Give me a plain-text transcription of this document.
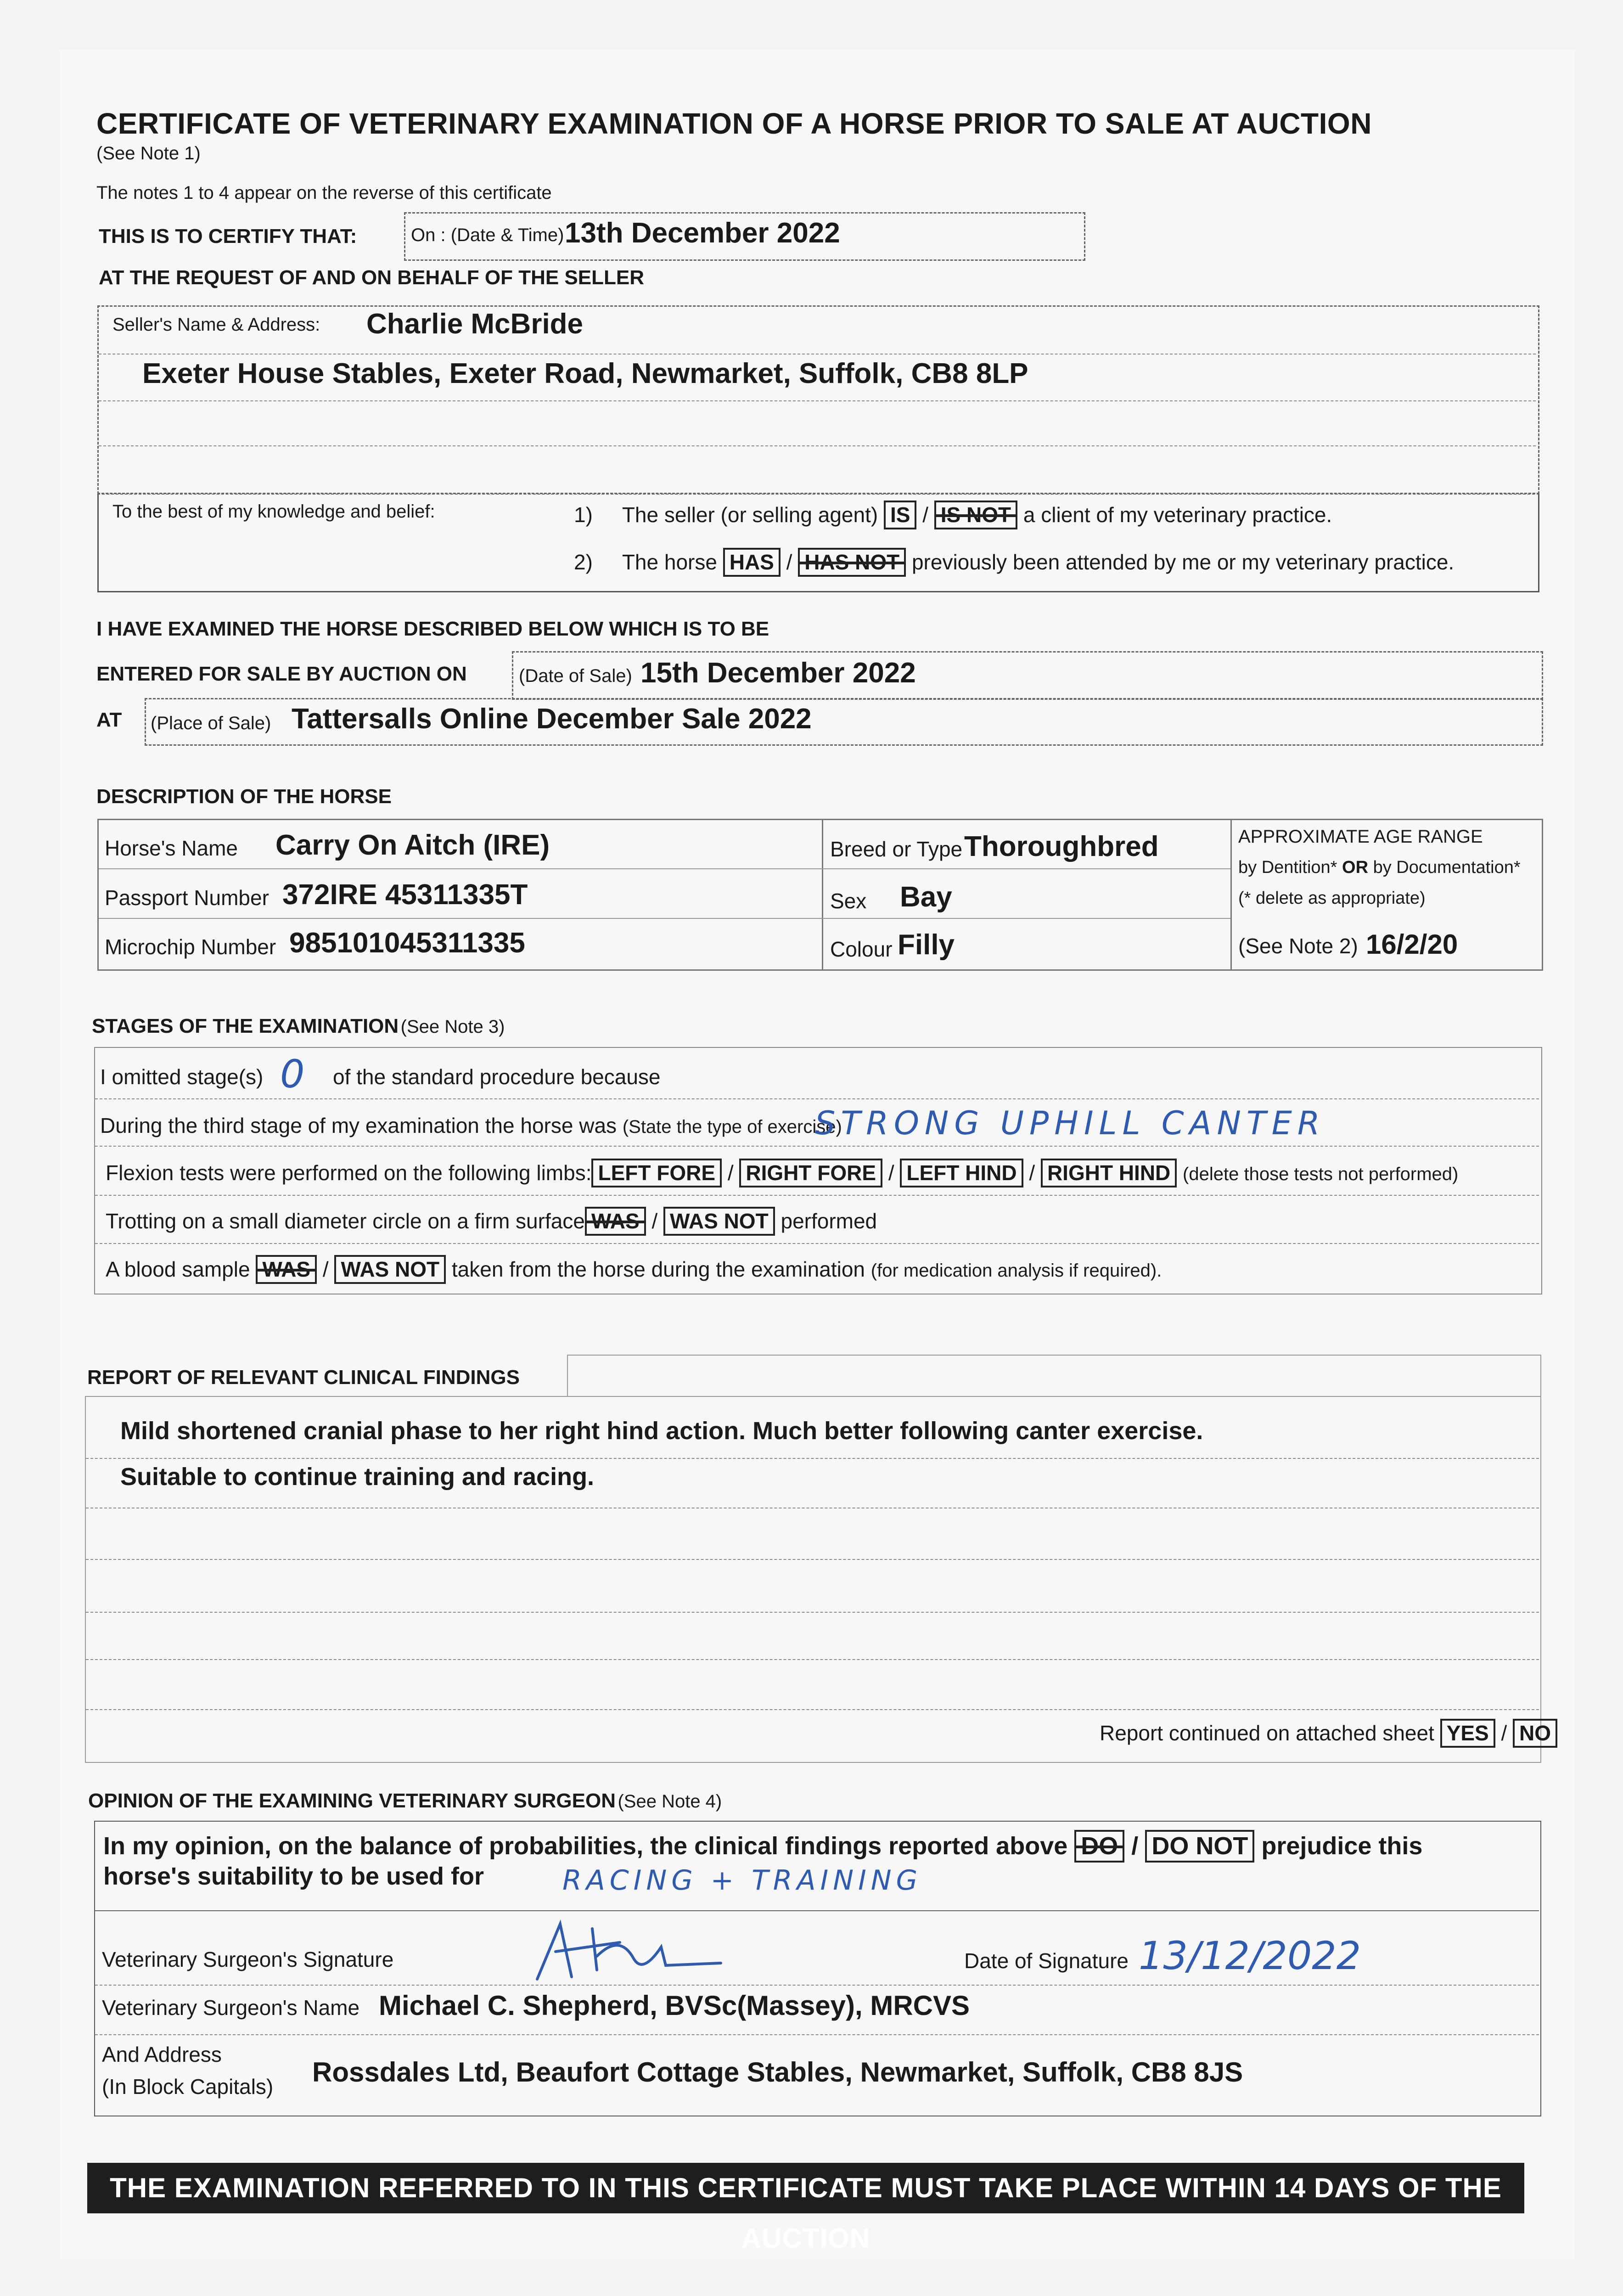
CERTIFICATE OF VETERINARY EXAMINATION OF A HORSE PRIOR TO SALE AT AUCTION
(See Note 1)
The notes 1 to 4 appear on the reverse of this certificate
THIS IS TO CERTIFY THAT:	On : (Date & Time) 13th December 2022
AT THE REQUEST OF AND ON BEHALF OF THE SELLER
Seller's Name & Address: Charlie McBride
Exeter House Stables, Exeter Road, Newmarket, Suffolk, CB8 8LP
To the best of my knowledge and belief:	1) The seller (or selling agent) IS / IS NOT a client of my veterinary practice.
2) The horse HAS / HAS NOT previously been attended by me or my veterinary practice.
I HAVE EXAMINED THE HORSE DESCRIBED BELOW WHICH IS TO BE
ENTERED FOR SALE BY AUCTION ON	(Date of Sale) 15th December 2022
AT (Place of Sale) Tattersalls Online December Sale 2022
DESCRIPTION OF THE HORSE
Horse's Name Carry On Aitch (IRE)
Passport Number 372IRE 45311335T
Microchip Number 985101045311335
Breed or Type Thoroughbred
Sex Bay
Colour Filly
APPROXIMATE AGE RANGE
by Dentition* OR by Documentation*
(* delete as appropriate)
(See Note 2) 16/2/20
STAGES OF THE EXAMINATION (See Note 3)
I omitted stage(s) 0 of the standard procedure because
During the third stage of my examination the horse was (State the type of exercise)
STRONG UPHILL CANTER
Flexion tests were performed on the following limbs: LEFT FORE / RIGHT FORE / LEFT HIND / RIGHT HIND (delete those tests not performed)
Trotting on a small diameter circle on a firm surface WAS / WAS NOT performed
A blood sample WAS / WAS NOT taken from the horse during the examination (for medication analysis if required).
REPORT OF RELEVANT CLINICAL FINDINGS
Mild shortened cranial phase to her right hind action. Much better following canter exercise.
Suitable to continue training and racing.
Report continued on attached sheet YES / NO
OPINION OF THE EXAMINING VETERINARY SURGEON (See Note 4)
In my opinion, on the balance of probabilities, the clinical findings reported above DO / DO NOT prejudice this
horse's suitability to be used for	RACING + TRAINING
Veterinary Surgeon's Signature	Date of Signature 13/12/2022
Veterinary Surgeon's Name Michael C. Shepherd, BVSc(Massey), MRCVS
And Address
(In Block Capitals) Rossdales Ltd, Beaufort Cottage Stables, Newmarket, Suffolk, CB8 8JS
THE EXAMINATION REFERRED TO IN THIS CERTIFICATE MUST TAKE PLACE WITHIN 14 DAYS OF THE AUCTION
